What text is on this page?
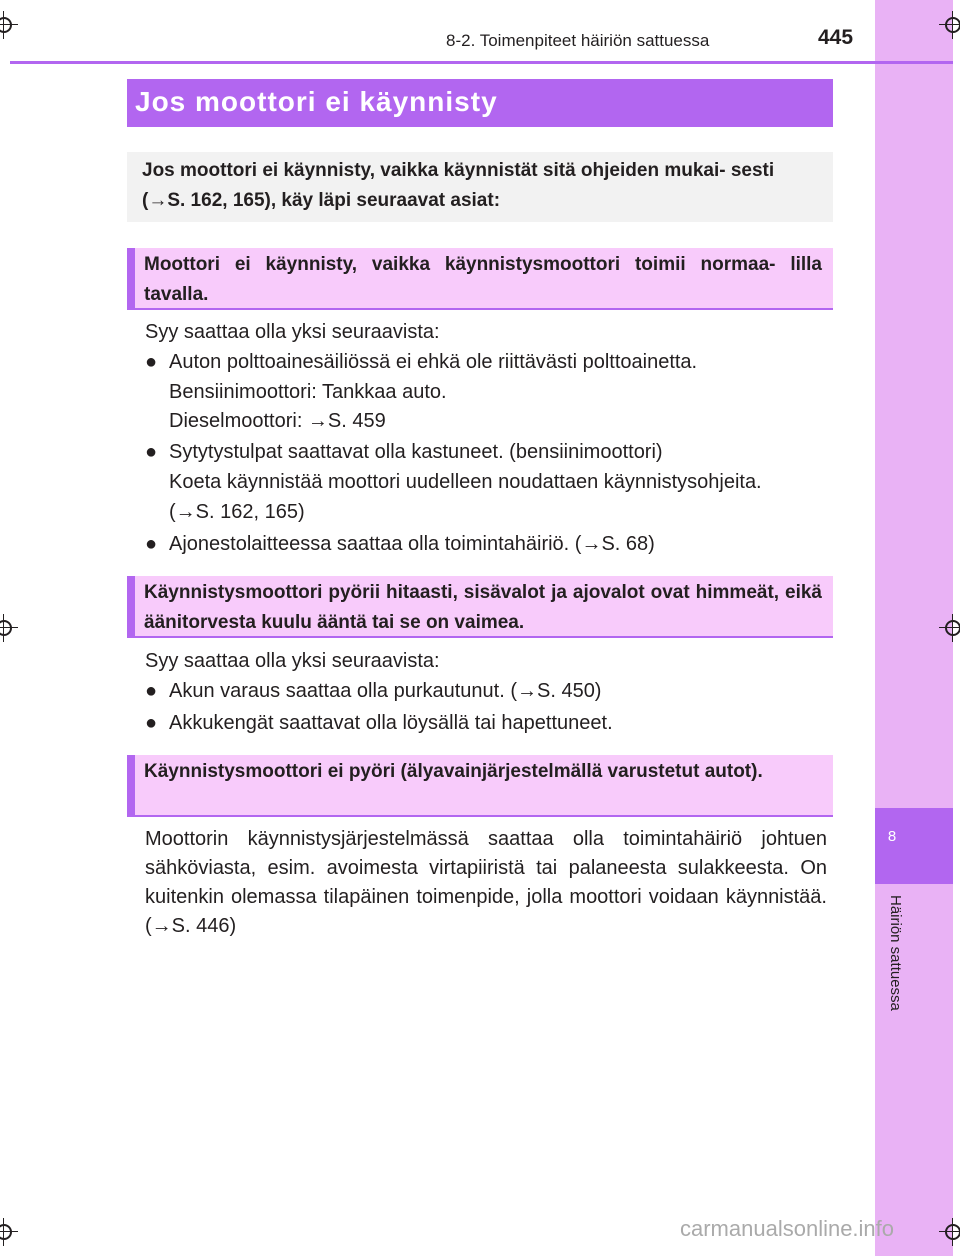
8
Häiriön sattuessa
8-2. Toimenpiteet häiriön sattuessa	445
Jos moottori ei käynnisty
Jos moottori ei käynnisty, vaikka käynnistät sitä ohjeiden mukai- sesti (→S. 162, 165), käy läpi seuraavat asiat:
Moottori ei käynnisty, vaikka käynnistysmoottori toimii normaa- lilla tavalla.
Syy saattaa olla yksi seuraavista:
● Auton polttoainesäiliössä ei ehkä ole riittävästi polttoainetta.
Bensiinimoottori: Tankkaa auto.
Dieselmoottori: →S. 459
● Sytytystulpat saattavat olla kastuneet. (bensiinimoottori)
Koeta käynnistää moottori uudelleen noudattaen käynnistysohjeita.
(→S. 162, 165)
● Ajonestolaitteessa saattaa olla toimintahäiriö. (→S. 68)
Käynnistysmoottori pyörii hitaasti, sisävalot ja ajovalot ovat himmeät, eikä äänitorvesta kuulu ääntä tai se on vaimea.
Syy saattaa olla yksi seuraavista:
● Akun varaus saattaa olla purkautunut. (→S. 450)
● Akkukengät saattavat olla löysällä tai hapettuneet.
Käynnistysmoottori ei pyöri (älyavainjärjestelmällä varustetut autot).
Moottorin käynnistysjärjestelmässä saattaa olla toimintahäiriö johtuen sähköviasta, esim. avoimesta virtapiiristä tai palaneesta sulakkeesta. On kuitenkin olemassa tilapäinen toimenpide, jolla moottori voidaan käynnistää. (→S. 446)
carmanualsonline.info
